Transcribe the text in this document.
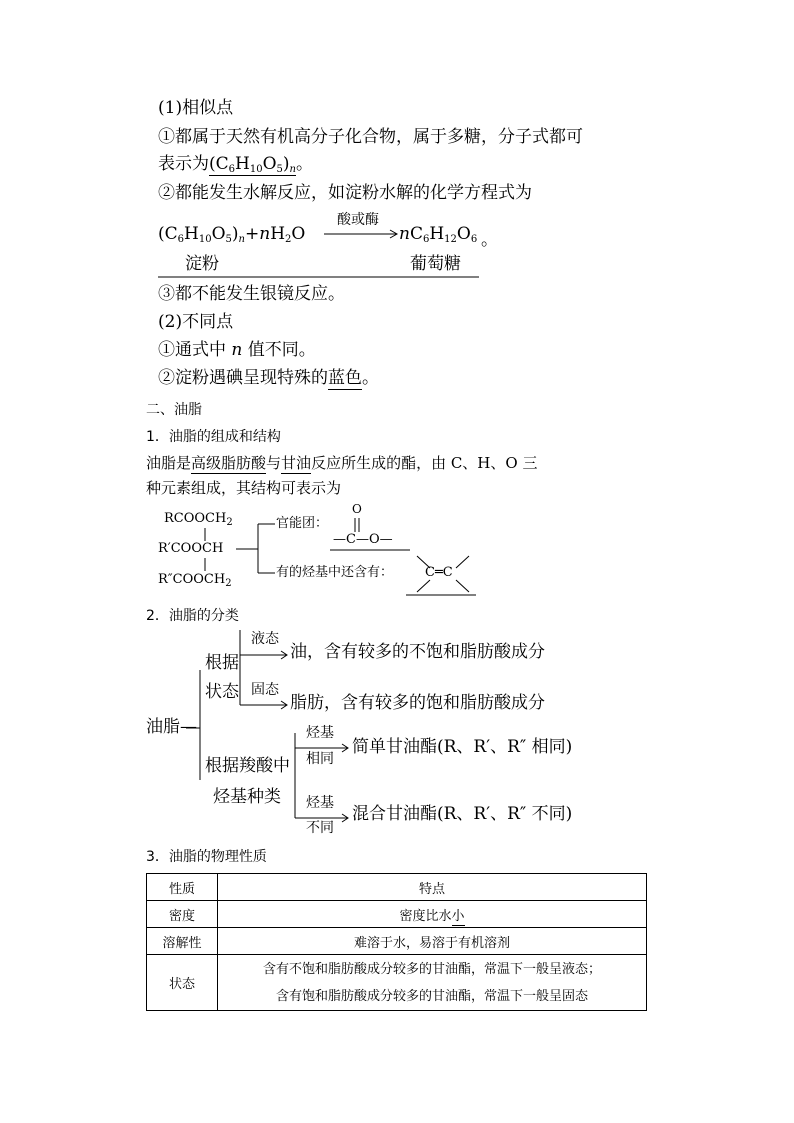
(1)相似点
①都属于天然有机高分子化合物，属于多糖，分子式都可
表示为$(C_6H_{10}O_5)_n$。
②都能发生水解反应，如淀粉水解的化学方程式为
$(C_6H_{10}O_5)_n+nH_2O$
酸或酶
$nC_6H_{12}O_6$ 。
淀粉	葡萄糖
③都不能发生银镜反应。
(2)不同点
①通式中 n 值不同。
②淀粉遇碘呈现特殊的蓝色。
二、油脂
1．油脂的组成和结构
油脂是高级脂肪酸与甘油反应所生成的酯，由 C、H、O 三
种元素组成，其结构可表示为
$RCOOCH_2$
R′COOCH
$R''COOCH_2$
官能团：
O
—C—O—
有的烃基中还含有： C═C
2．油脂的分类
油脂—
根据
状态
液态
油，含有较多的不饱和脂肪酸成分
固态
脂肪，含有较多的饱和脂肪酸成分
根据羧酸中
烃基种类
烃基
相同
简单甘油酯(R、R′、R″ 相同)
烃基
不同
混合甘油酯(R、R′、R″ 不同)
3．油脂的物理性质
性质	特点
密度	密度比水小
溶解性	难溶于水，易溶于有机溶剂
状态	含有不饱和脂肪酸成分较多的甘油酯，常温下一般呈液态；
含有饱和脂肪酸成分较多的甘油酯，常温下一般呈固态
